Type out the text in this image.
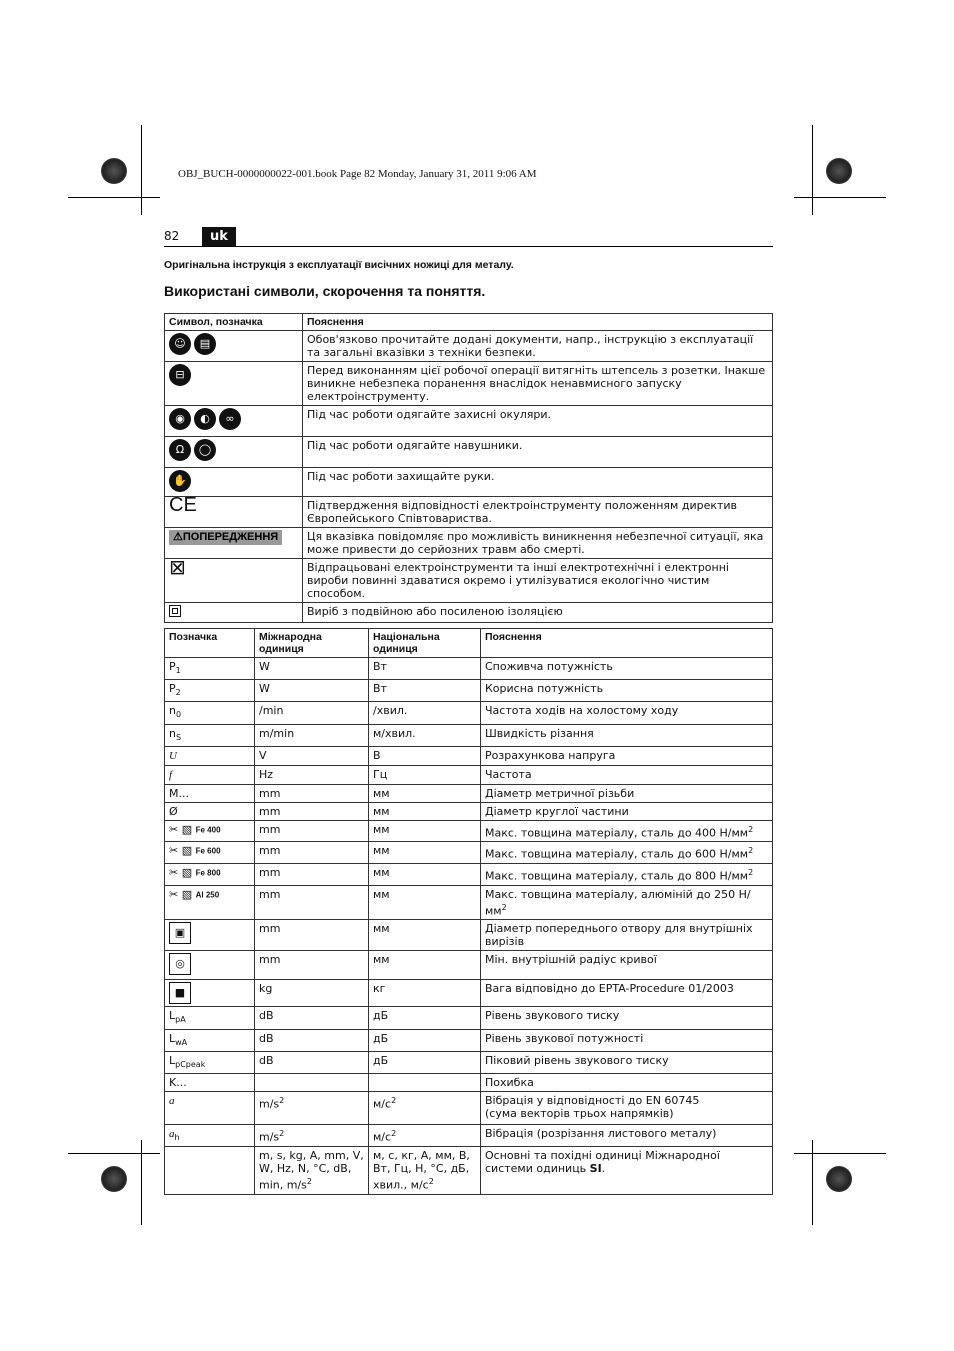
OBJ_BUCH-0000000022-001.book Page 82 Monday, January 31, 2011 9:06 AM
82	uk
Оригінальна інструкція з експлуатації висічних ножиці для металу.
Використані символи, скорочення та поняття.
Символ, позначка	Пояснення
☺ ▤	Обов'язково прочитайте додані документи, напр., інструкцію з експлуатації та загальні вказівки з техніки безпеки.
⊟	Перед виконанням цієї робочої операції витягніть штепсель з розетки. Інакше виникне небезпека поранення внаслідок ненавмисного запуску електроінструменту.
◉ ◐ ∞	Під час роботи одягайте захисні окуляри.
Ω ◯	Під час роботи одягайте навушники.
✋	Під час роботи захищайте руки.
CE	Підтвердження відповідності електроінструменту положенням директив Європейського Співтовариства.
⚠ПОПЕРЕДЖЕННЯ	Ця вказівка повідомляє про можливість виникнення небезпечної ситуації, яка може привести до серйозних травм або смерті.
⊠	Відпрацьовані електроінструменти та інші електротехнічні і електронні вироби повинні здаватися окремо і утилізуватися екологічно чистим способом.

	Виріб з подвійною або посиленою ізоляцією
Позначка	Міжнародна одиниця	Національна одиниця	Пояснення
$P_1$	W	Вт	Споживча потужність
$P_2$	W	Вт	Корисна потужність
$n_0$	/min	/хвил.	Частота ходів на холостому ходу
$n_S$	m/min	м/хвил.	Швидкість різання
U	V	В	Розрахункова напруга
f	Hz	Гц	Частота
M...	mm	мм	Діаметр метричної різьби
Ø	mm	мм	Діаметр круглої частини
✂ ▧ Fe 400	mm	мм	Макс. товщина матеріалу, сталь до 400 $Н/мм^2$
✂ ▧ Fe 600	mm	мм	Макс. товщина матеріалу, сталь до 600 $Н/мм^2$
✂ ▧ Fe 800	mm	мм	Макс. товщина матеріалу, сталь до 800 $Н/мм^2$
✂ ▧ Al 250	mm	мм	Макс. товщина матеріалу, алюміній до 250 $Н/мм^2$
▣	mm	мм	Діаметр попереднього отвору для внутрішніх вирізів
◎	mm	мм	Мін. внутрішній радіус кривої
■	kg	кг	Вага відповідно до EPTA-Procedure 01/2003
$L_{pA}$	dB	дБ	Рівень звукового тиску
$L_{wA}$	dB	дБ	Рівень звукової потужності
$L_{pCpeak}$	dB	дБ	Піковий рівень звукового тиску
K...			Похибка
a	$m/s^2$	$м/с^2$	Вібрація у відповідності до EN 60745
(сума векторів трьох напрямків)
$a_h$	$m/s^2$	$м/с^2$	Вібрація (розрізання листового металу)
	m, s, kg, A, mm, V, W, Hz, N, °C, dB, min, $m/s^2$	м, с, кг, А, мм, В, Вт, Гц, Н, °C, дБ, хвил., $м/с^2$	Основні та похідні одиниці Міжнародної системи одиниць SI.
